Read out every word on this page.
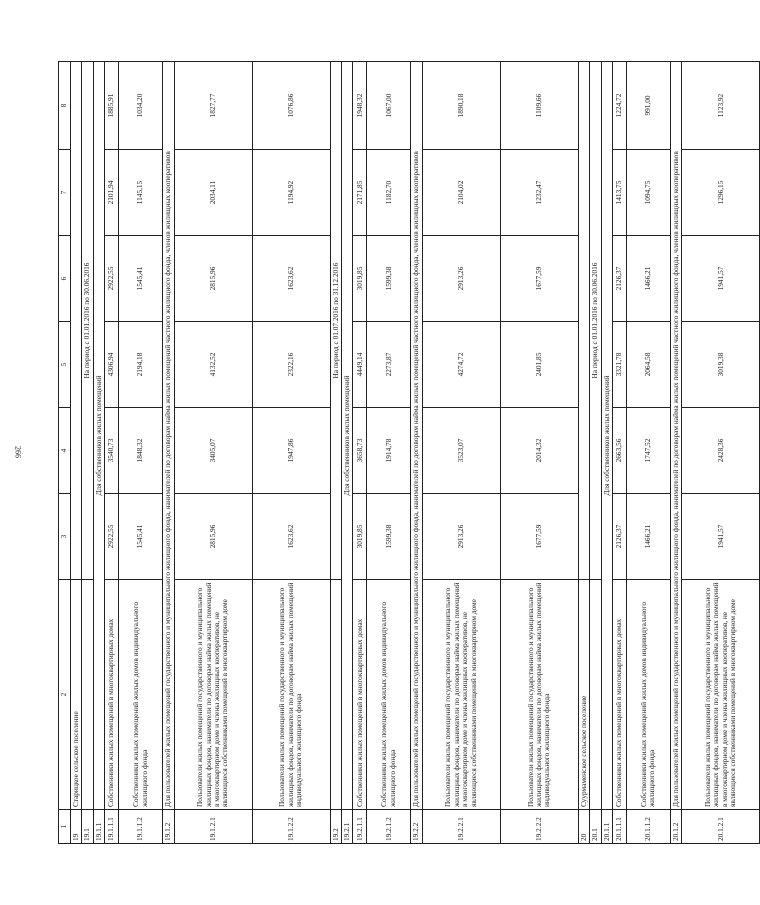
266
1	2	3	4	5	6	7	8
19	Старицкое сельское поселение						
19.1		На период с 01.01.2016 по 30.06.2016					
19.1.1	Для собственников жилых помещений						
19.1.1.1	Собственники жилых помещений в многоквартирных домах	2922,55	3540,73	4306,94	2922,55	2101,94	1885,91
19.1.1.2	Собственники жилых помещений жилых домов индивидуального жилищного фонда	1545,41	1848,32	2194,18	1545,41	1145,15	1034,20
19.1.2	Для пользователей жилых помещений государственного и муниципального жилищного фонда, нанимателей по договорам найма жилых помещений частного жилищного фонда, членов жилищных кооперативов						
19.1.2.1	Пользователи жилых помещений государственного и муниципального жилищных фондов, наниматели по договорам найма жилых помещений в многоквартирном доме и члены жилищных кооперативов, не являющиеся собственниками помещений в многоквартирном доме	2815,96	3405,07	4132,52	2815,96	2034,11	1827,77
19.1.2.2	Пользователи жилых помещений государственного и муниципального жилищных фондов, наниматели по договорам найма жилых помещений индивидуального жилищного фонда	1623,62	1947,86	2322,16	1623,62	1194,92	1076,86
19.2		На период с 01.07.2016 по 31.12.2016					
19.2.1	Для собственников жилых помещений						
19.2.1.1	Собственники жилых помещений в многоквартирных домах	3019,85	3658,73	4449,14	3019,85	2171,85	1948,32
19.2.1.2	Собственники жилых помещений жилых домов индивидуального жилищного фонда	1599,38	1914,78	2273,87	1599,38	1182,70	1067,00
19.2.2	Для пользователей жилых помещений государственного и муниципального жилищного фонда, нанимателей по договорам найма жилых помещений частного жилищного фонда, членов жилищных кооперативов						
19.2.2.1	Пользователи жилых помещений государственного и муниципального жилищных фондов, наниматели по договорам найма жилых помещений в многоквартирном доме и члены жилищных кооперативов, не являющиеся собственниками помещений в многоквартирном доме	2913,26	3523,07	4274,72	2913,26	2104,02	1890,18
19.2.2.2	Пользователи жилых помещений государственного и муниципального жилищных фондов, наниматели по договорам найма жилых помещений индивидуального жилищного фонда	1677,59	2014,32	2401,85	1677,59	1232,47	1109,66
20	Суурмаменское сельское поселение						
20.1		На период с 01.01.2016 по 30.06.2016					
20.1.1	Для собственников жилых помещений						
20.1.1.1	Собственники жилых помещений в многоквартирных домах	2126,37	2663,56	3321,78	2126,37	1413,75	1224,72
20.1.1.2	Собственники жилых помещений жилых домов индивидуального жилищного фонда	1466,21	1747,52	2064,58	1466,21	1094,75	991,00
20.1.2	Для пользователей жилых помещений государственного и муниципального жилищного фонда, нанимателей по договорам найма жилых помещений частного жилищного фонда, членов жилищных кооперативов						
20.1.2.1	Пользователи жилых помещений государственного и муниципального жилищных фондов, наниматели по договорам найма жилых помещений в многоквартирном доме и члены жилищных кооперативов, не являющиеся собственниками помещений в многоквартирном доме	1941,57	2428,36	3019,38	1941,57	1296,15	1123,92
